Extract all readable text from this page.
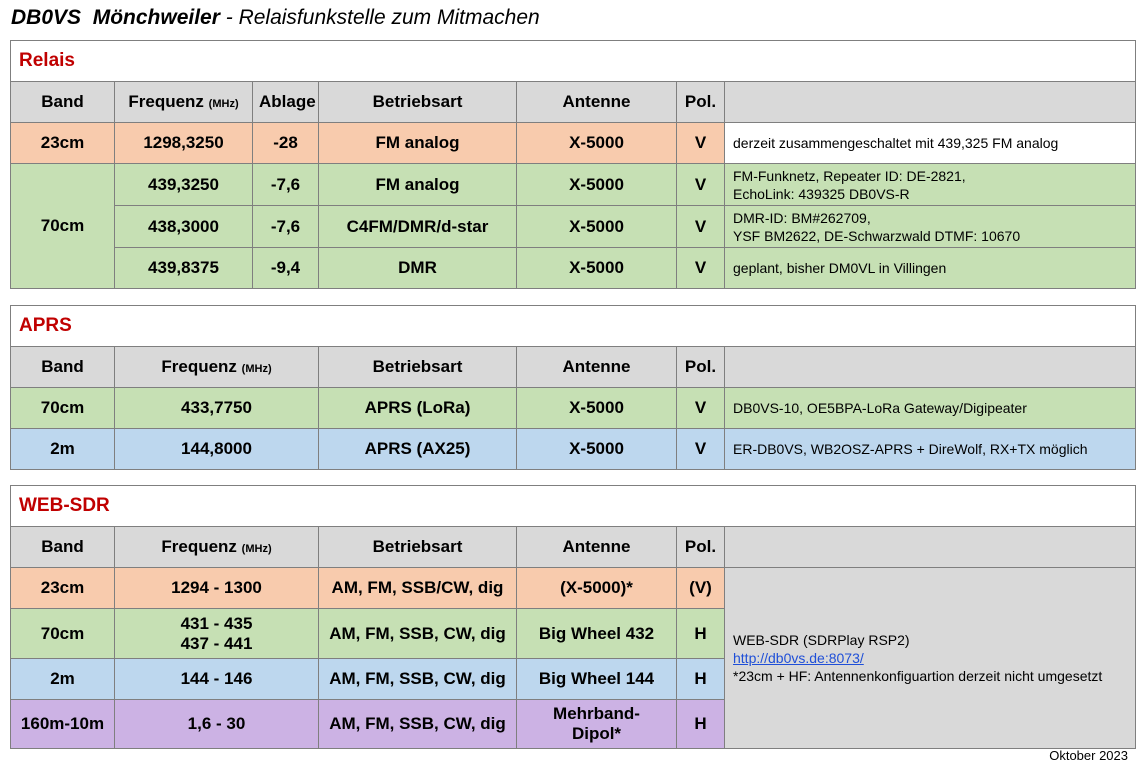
DB0VS Mönchweiler - Relaisfunkstelle zum Mitmachen
Relais						
Band	Frequenz (MHz)	Ablage	Betriebsart	Antenne	Pol.	
23cm	1298,3250	-28	FM analog	X-5000	V	derzeit zusammengeschaltet mit 439,325 FM analog
70cm	439,3250	-7,6	FM analog	X-5000	V	FM-Funknetz, Repeater ID: DE-2821,
EchoLink: 439325 DB0VS-R

	438,3000	-7,6	C4FM/DMR/d-star	X-5000	V	DMR-ID: BM#262709,
YSF BM2622, DE-Schwarzwald DTMF: 10670

	439,8375	-9,4	DMR	X-5000	V	geplant, bisher DM0VL in Villingen
APRS					
Band	Frequenz (MHz)	Betriebsart	Antenne	Pol.	
70cm	433,7750	APRS (LoRa)	X-5000	V	DB0VS-10, OE5BPA-LoRa Gateway/Digipeater
2m	144,8000	APRS (AX25)	X-5000	V	ER-DB0VS, WB2OSZ-APRS + DireWolf, RX+TX möglich
WEB-SDR					
Band	Frequenz (MHz)	Betriebsart	Antenne	Pol.	
23cm	1294 - 1300	AM, FM, SSB/CW, dig	(X-5000)*	(V)	WEB-SDR (SDRPlay RSP2)
http://db0vs.de:8073/
*23cm + HF: Antennenkonfiguartion derzeit nicht umgesetzt

70cm	431 - 435
437 - 441	AM, FM, SSB, CW, dig	Big Wheel 432	H	
2m	144 - 146	AM, FM, SSB, CW, dig	Big Wheel 144	H	
160m-10m	1,6 - 30	AM, FM, SSB, CW, dig	Mehrband-
Dipol*	H	
Oktober 2023
